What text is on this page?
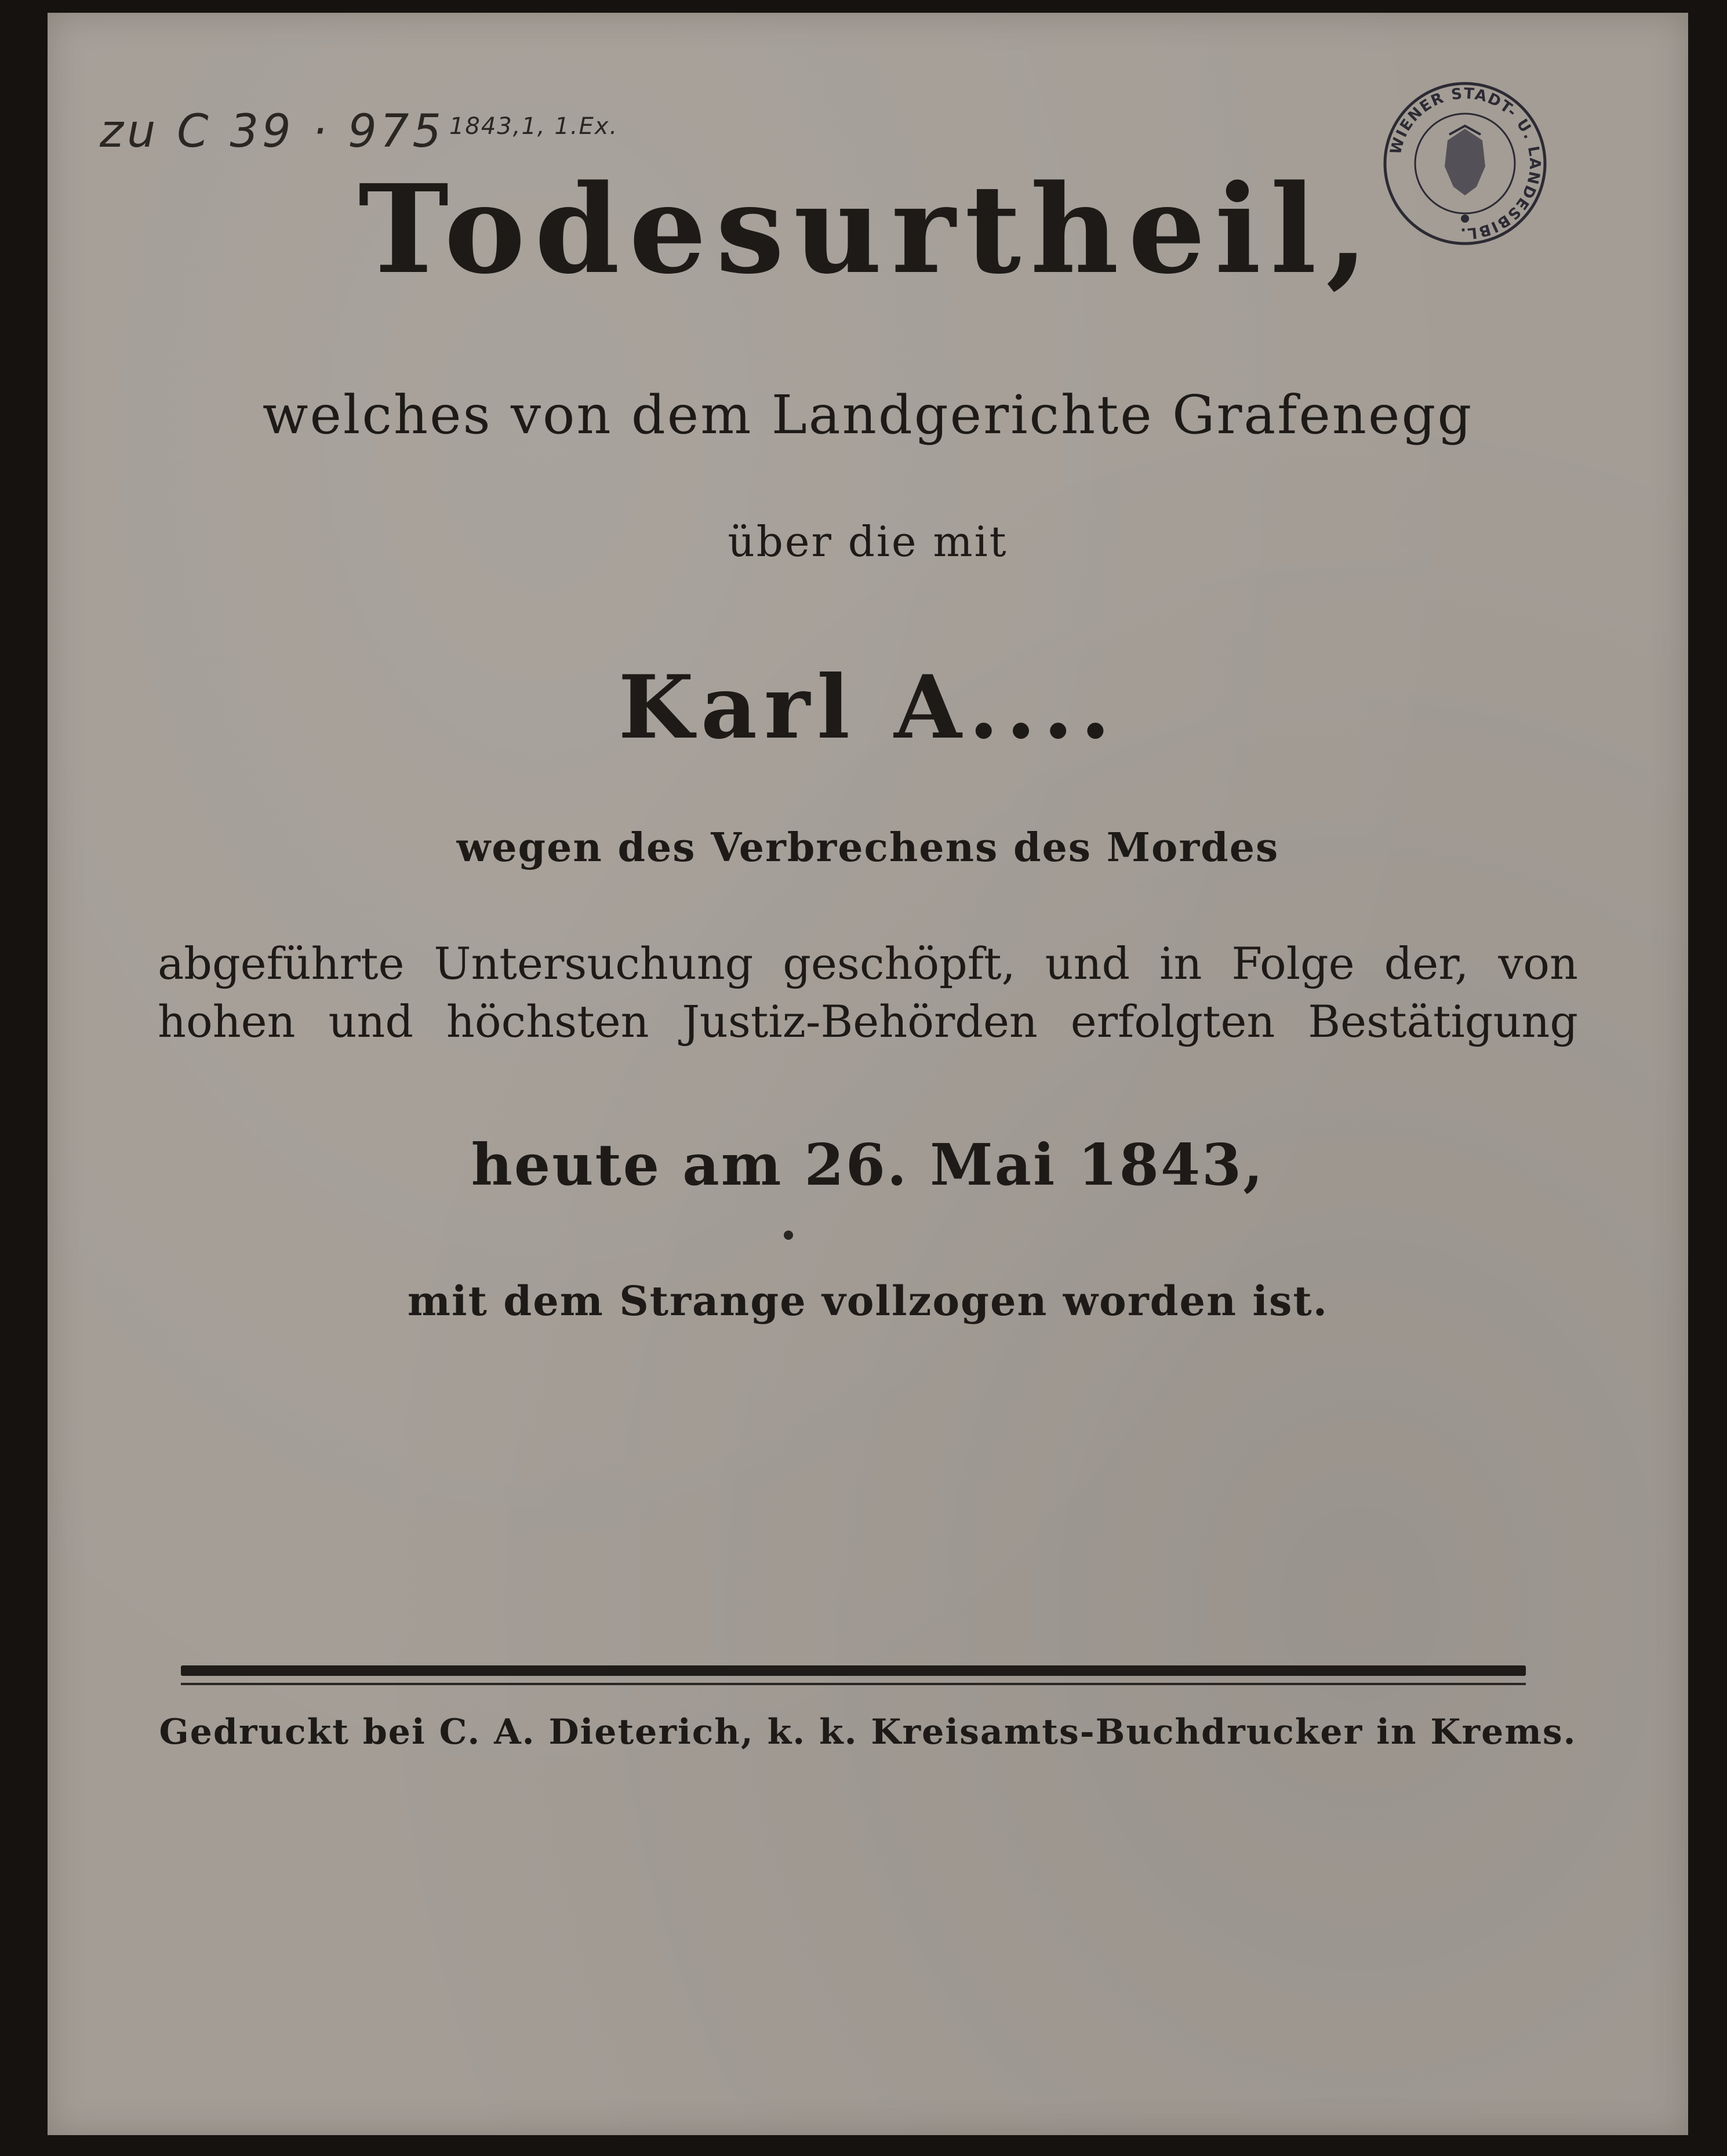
zu C 39 · 975 $^{1843,1, 1.Ex.}$
WIENER STADT- U. LANDESBIBL.
Todesurtheil,
welches von dem Landgerichte Grafenegg
über die mit
Karl A....
wegen des Verbrechens des Mordes
abgeführte Untersuchung geschöpft, und in Folge der, von
hohen und höchsten Justiz-Behörden erfolgten Bestätigung
heute am 26. Mai 1843,
mit dem Strange vollzogen worden ist.
Gedruckt bei C. A. Dieterich, k. k. Kreisamts-Buchdrucker in Krems.
